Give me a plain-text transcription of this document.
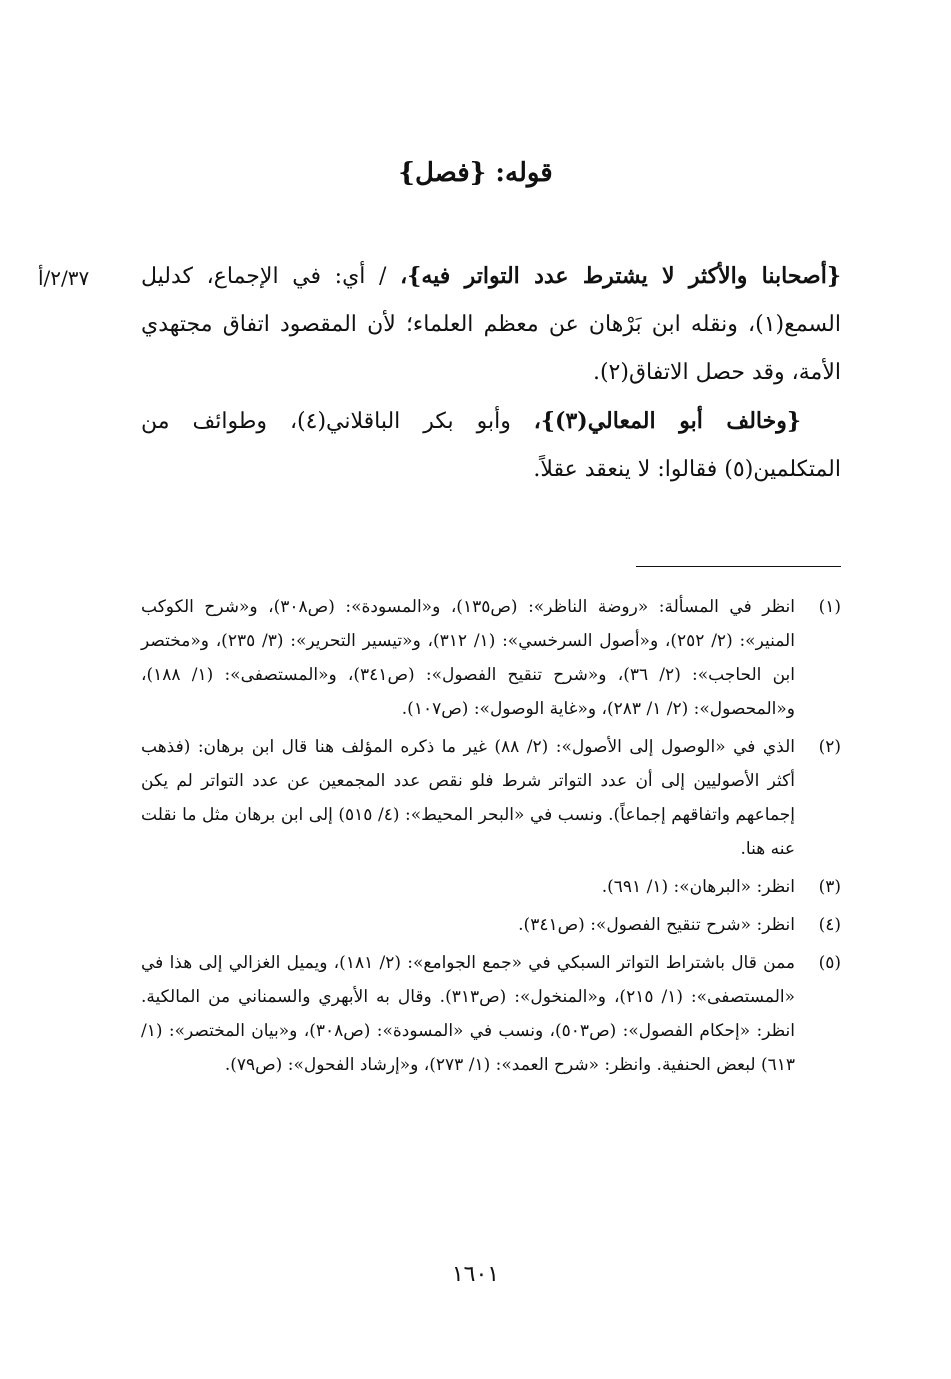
قوله: {فصل}
٢/٣٧/أ	{أصحابنا والأكثر لا يشترط عدد التواتر فيه}، / أي: في الإجماع، كدليل السمع(١)، ونقله ابن بَرْهان عن معظم العلماء؛ لأن المقصود اتفاق مجتهدي الأمة، وقد حصل الاتفاق(٢).

{وخالف أبو المعالي(٣)}، وأبو بكر الباقلاني(٤)، وطوائف من المتكلمين(٥) فقالوا: لا ينعقد عقلاً.

(١)
انظر في المسألة: «روضة الناظر»: (ص١٣٥)، و«المسودة»: (ص٣٠٨)، و«شرح الكوكب المنير»: (٢/ ٢٥٢)، و«أصول السرخسي»: (١/ ٣١٢)، و«تيسير التحرير»: (٣/ ٢٣٥)، و«مختصر ابن الحاجب»: (٢/ ٣٦)، و«شرح تنقيح الفصول»: (ص٣٤١)، و«المستصفى»: (١/ ١٨٨)، و«المحصول»: (٢/ ١/ ٢٨٣)، و«غاية الوصول»: (ص١٠٧).
(٢)
الذي في «الوصول إلى الأصول»: (٢/ ٨٨) غير ما ذكره المؤلف هنا قال ابن برهان: (فذهب أكثر الأصوليين إلى أن عدد التواتر شرط فلو نقص عدد المجمعين عن عدد التواتر لم يكن إجماعهم واتفاقهم إجماعاً). ونسب في «البحر المحيط»: (٤/ ٥١٥) إلى ابن برهان مثل ما نقلت عنه هنا.
(٣)
انظر: «البرهان»: (١/ ٦٩١).
(٤)
انظر: «شرح تنقيح الفصول»: (ص٣٤١).
(٥)
ممن قال باشتراط التواتر السبكي في «جمع الجوامع»: (٢/ ١٨١)، ويميل الغزالي إلى هذا في «المستصفى»: (١/ ٢١٥)، و«المنخول»: (ص٣١٣). وقال به الأبهري والسمناني من المالكية. انظر: «إحكام الفصول»: (ص٥٠٣)، ونسب في «المسودة»: (ص٣٠٨)، و«بيان المختصر»: (١/ ٦١٣) لبعض الحنفية. وانظر: «شرح العمد»: (١/ ٢٧٣)، و«إرشاد الفحول»: (ص٧٩).
١٦٠١
